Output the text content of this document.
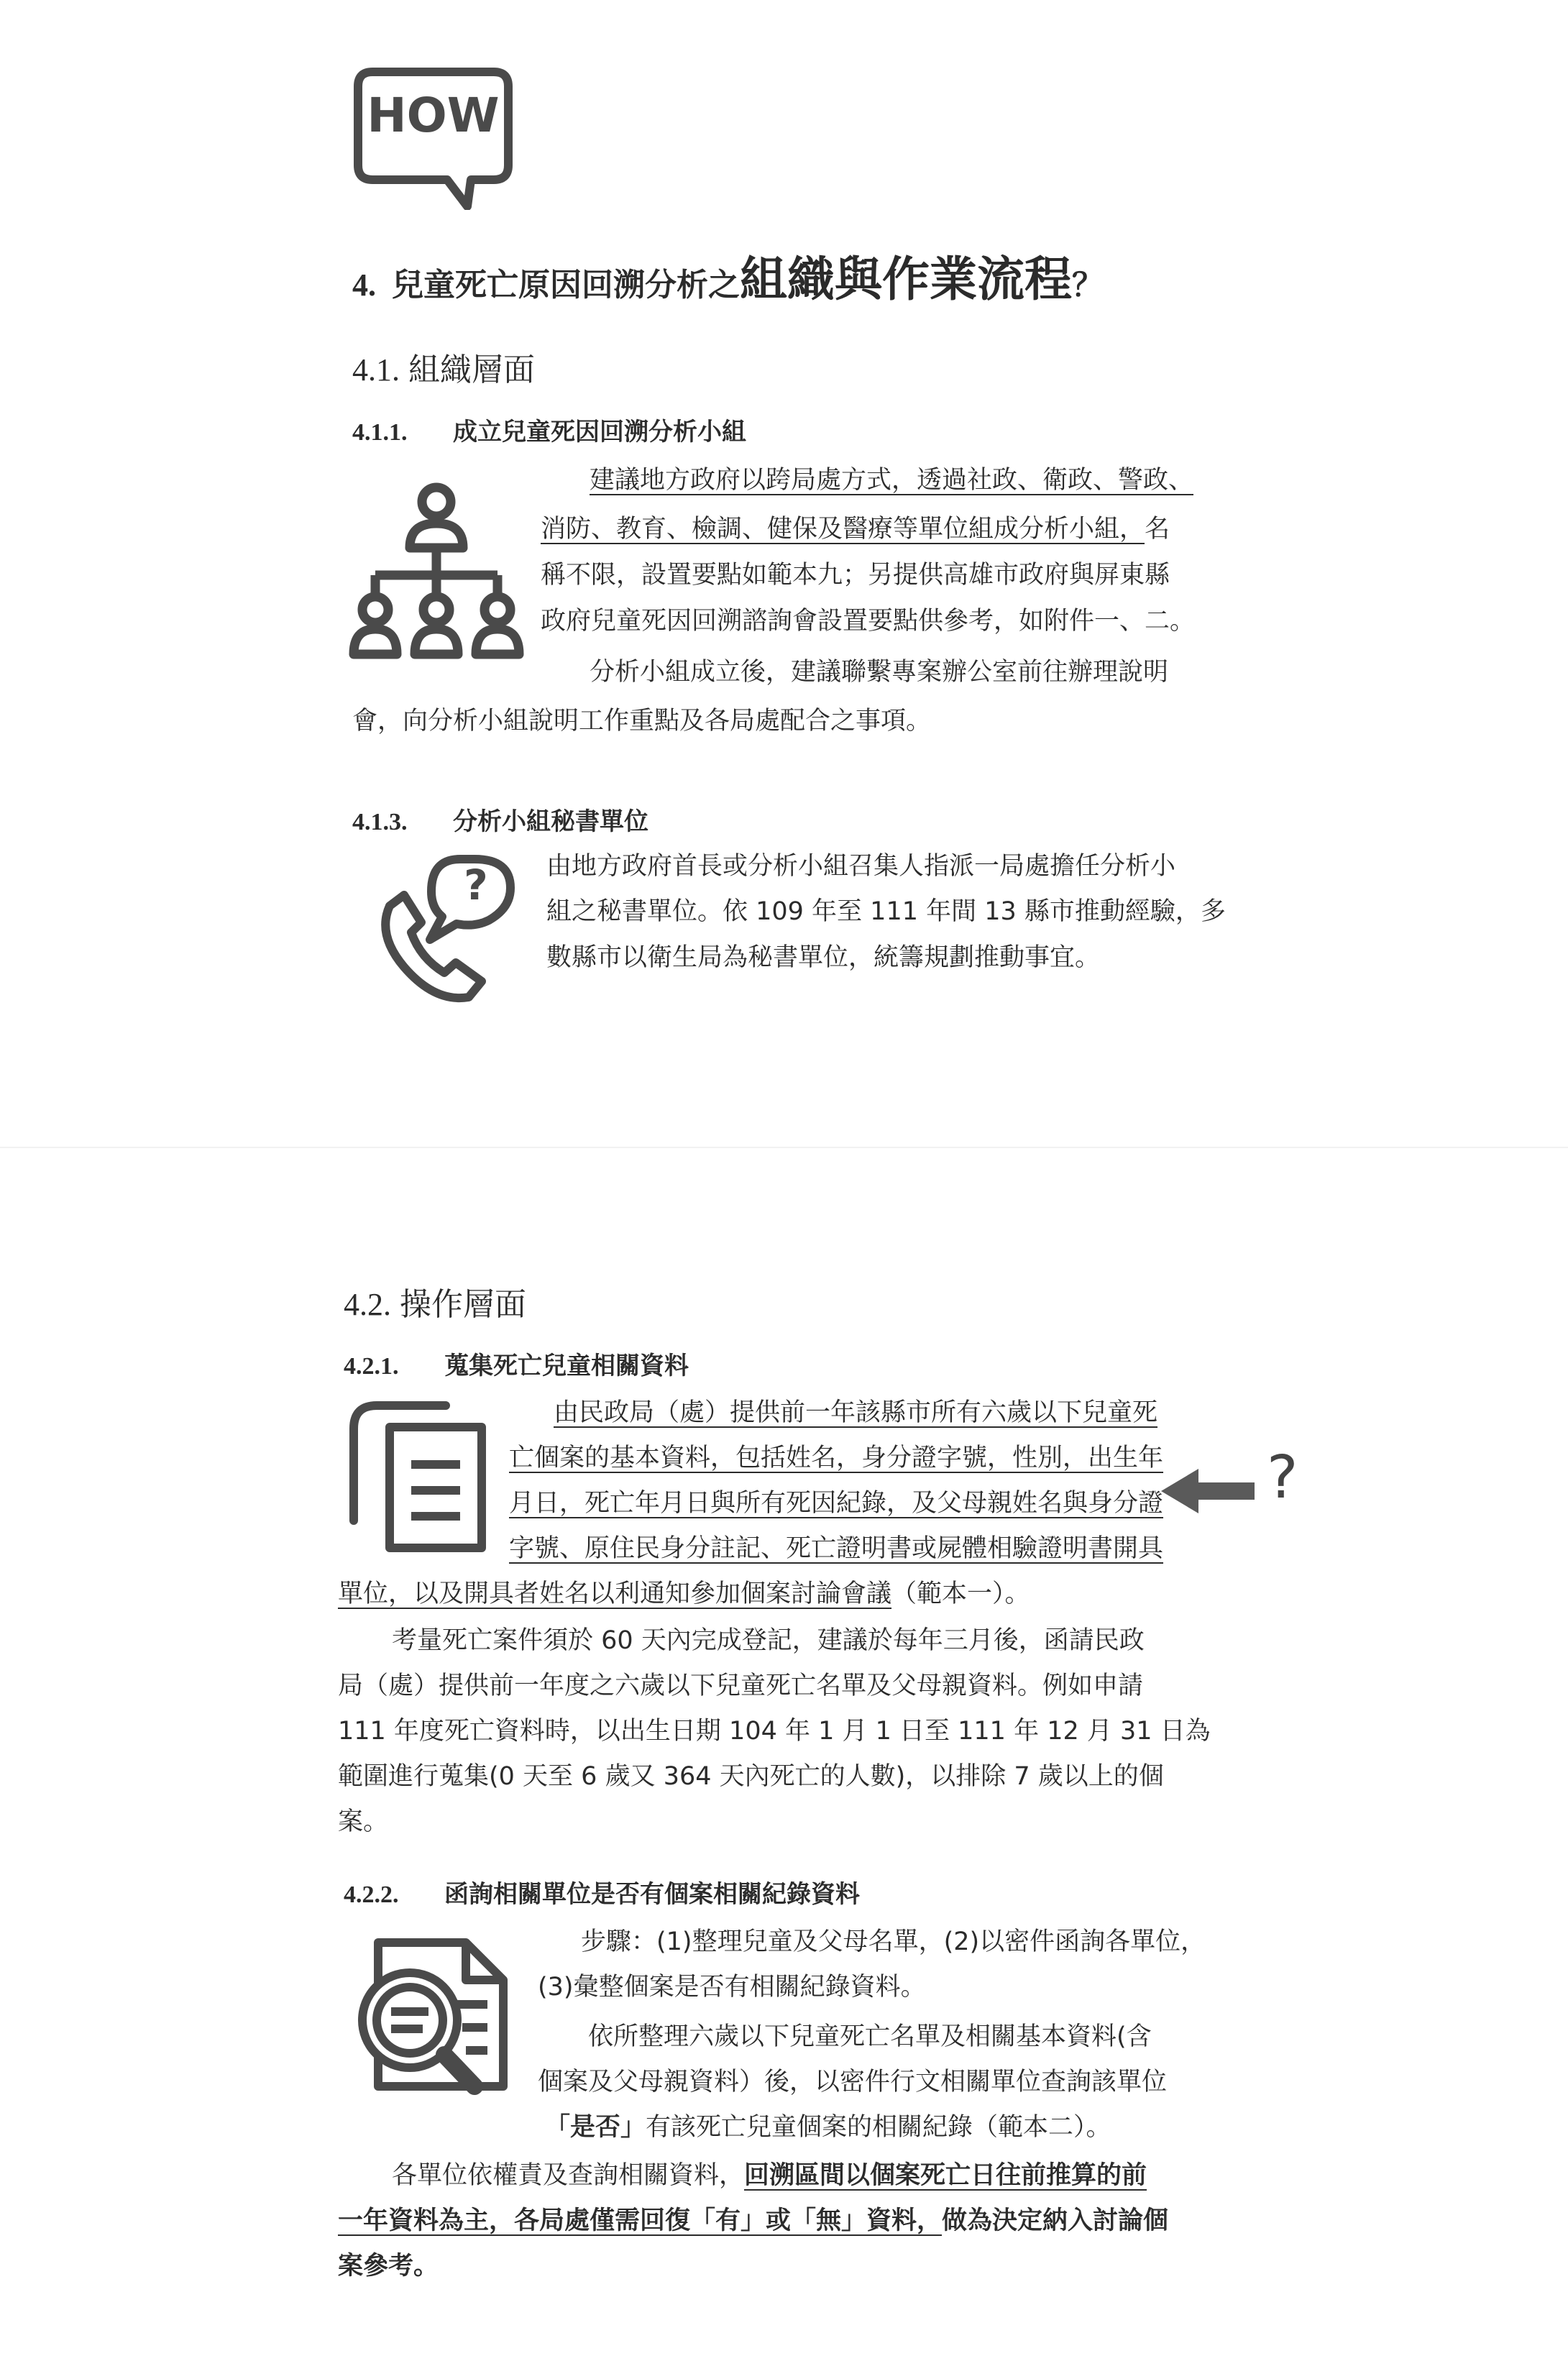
HOW
4. 兒童死亡原因回溯分析之組織與作業流程？
4.1. 組織層面
4.1.1. 成立兒童死因回溯分析小組
建議地方政府以跨局處方式，透過社政、衛政、警政、
消防、教育、檢調、健保及醫療等單位組成分析小組，名
稱不限，設置要點如範本九；另提供高雄市政府與屏東縣
政府兒童死因回溯諮詢會設置要點供參考，如附件一、二。
分析小組成立後，建議聯繫專案辦公室前往辦理說明
會，向分析小組說明工作重點及各局處配合之事項。
4.1.3. 分析小組秘書單位
?	由地方政府首長或分析小組召集人指派一局處擔任分析小
組之秘書單位。依 109 年至 111 年間 13 縣市推動經驗，多
數縣市以衛生局為秘書單位，統籌規劃推動事宜。
4.2. 操作層面
4.2.1. 蒐集死亡兒童相關資料
由民政局（處）提供前一年該縣市所有六歲以下兒童死
亡個案的基本資料，包括姓名，身分證字號，性別，出生年
月日，死亡年月日與所有死因紀錄，及父母親姓名與身分證
字號、原住民身分註記、死亡證明書或屍體相驗證明書開具
單位，以及開具者姓名以利通知參加個案討論會議（範本一）。
考量死亡案件須於 60 天內完成登記，建議於每年三月後，函請民政
局（處）提供前一年度之六歲以下兒童死亡名單及父母親資料。例如申請
111 年度死亡資料時，以出生日期 104 年 1 月 1 日至 111 年 12 月 31 日為
範圍進行蒐集(0 天至 6 歲又 364 天內死亡的人數)，以排除 7 歲以上的個
案。
?
4.2.2. 函詢相關單位是否有個案相關紀錄資料
步驟：(1)整理兒童及父母名單，(2)以密件函詢各單位，
(3)彙整個案是否有相關紀錄資料。
依所整理六歲以下兒童死亡名單及相關基本資料(含
個案及父母親資料）後，以密件行文相關單位查詢該單位
「是否」有該死亡兒童個案的相關紀錄（範本二）。
各單位依權責及查詢相關資料，回溯區間以個案死亡日往前推算的前
一年資料為主，各局處僅需回復「有」或「無」資料，做為決定納入討論個
案參考。
